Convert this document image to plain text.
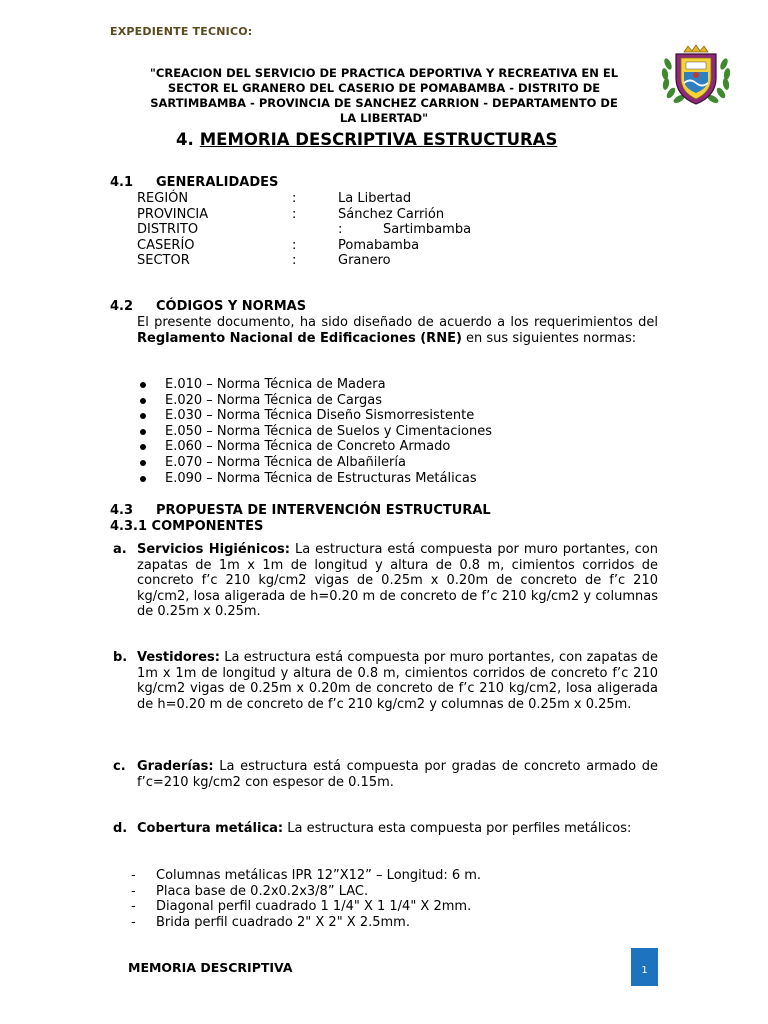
EXPEDIENTE TECNICO:
"CREACION DEL SERVICIO DE PRACTICA DEPORTIVA Y RECREATIVA EN EL
SECTOR EL GRANERO DEL CASERIO DE POMABAMBA - DISTRITO DE
SARTIMBAMBA - PROVINCIA DE SANCHEZ CARRION - DEPARTAMENTO DE
LA LIBERTAD"
4. MEMORIA DESCRIPTIVA ESTRUCTURAS
4.1 GENERALIDADES
REGIÓN	:	La Libertad
PROVINCIA	:	Sánchez Carrión
DISTRITO	:	Sartimbamba
CASERÍO	:	Pomabamba
SECTOR	:	Granero
4.2 CÓDIGOS Y NORMAS
El presente documento, ha sido diseñado de acuerdo a los requerimientos del Reglamento Nacional de Edificaciones (RNE) en sus siguientes normas:
E.010 – Norma Técnica de Madera
E.020 – Norma Técnica de Cargas
E.030 – Norma Técnica Diseño Sismorresistente
E.050 – Norma Técnica de Suelos y Cimentaciones
E.060 – Norma Técnica de Concreto Armado
E.070 – Norma Técnica de Albañilería
E.090 – Norma Técnica de Estructuras Metálicas
4.3 PROPUESTA DE INTERVENCIÓN ESTRUCTURAL
4.3.1 COMPONENTES
a. Servicios Higiénicos: La estructura está compuesta por muro portantes, con zapatas de 1m x 1m de longitud y altura de 0.8 m, cimientos corridos de concreto f’c 210 kg/cm2 vigas de 0.25m x 0.20m de concreto de f’c 210 kg/cm2, losa aligerada de h=0.20 m de concreto de f’c 210 kg/cm2 y columnas de 0.25m x 0.25m.
b. Vestidores: La estructura está compuesta por muro portantes, con zapatas de 1m x 1m de longitud y altura de 0.8 m, cimientos corridos de concreto f’c 210 kg/cm2 vigas de 0.25m x 0.20m de concreto de f’c 210 kg/cm2, losa aligerada de h=0.20 m de concreto de f’c 210 kg/cm2 y columnas de 0.25m x 0.25m.
c. Graderías: La estructura está compuesta por gradas de concreto armado de f’c=210 kg/cm2 con espesor de 0.15m.
d. Cobertura metálica: La estructura esta compuesta por perfiles metálicos:
- Columnas metálicas IPR 12”X12” – Longitud: 6 m.
- Placa base de 0.2x0.2x3/8” LAC.
- Diagonal perfil cuadrado 1 1/4" X 1 1/4" X 2mm.
- Brida perfil cuadrado 2" X 2" X 2.5mm.
MEMORIA DESCRIPTIVA	1
